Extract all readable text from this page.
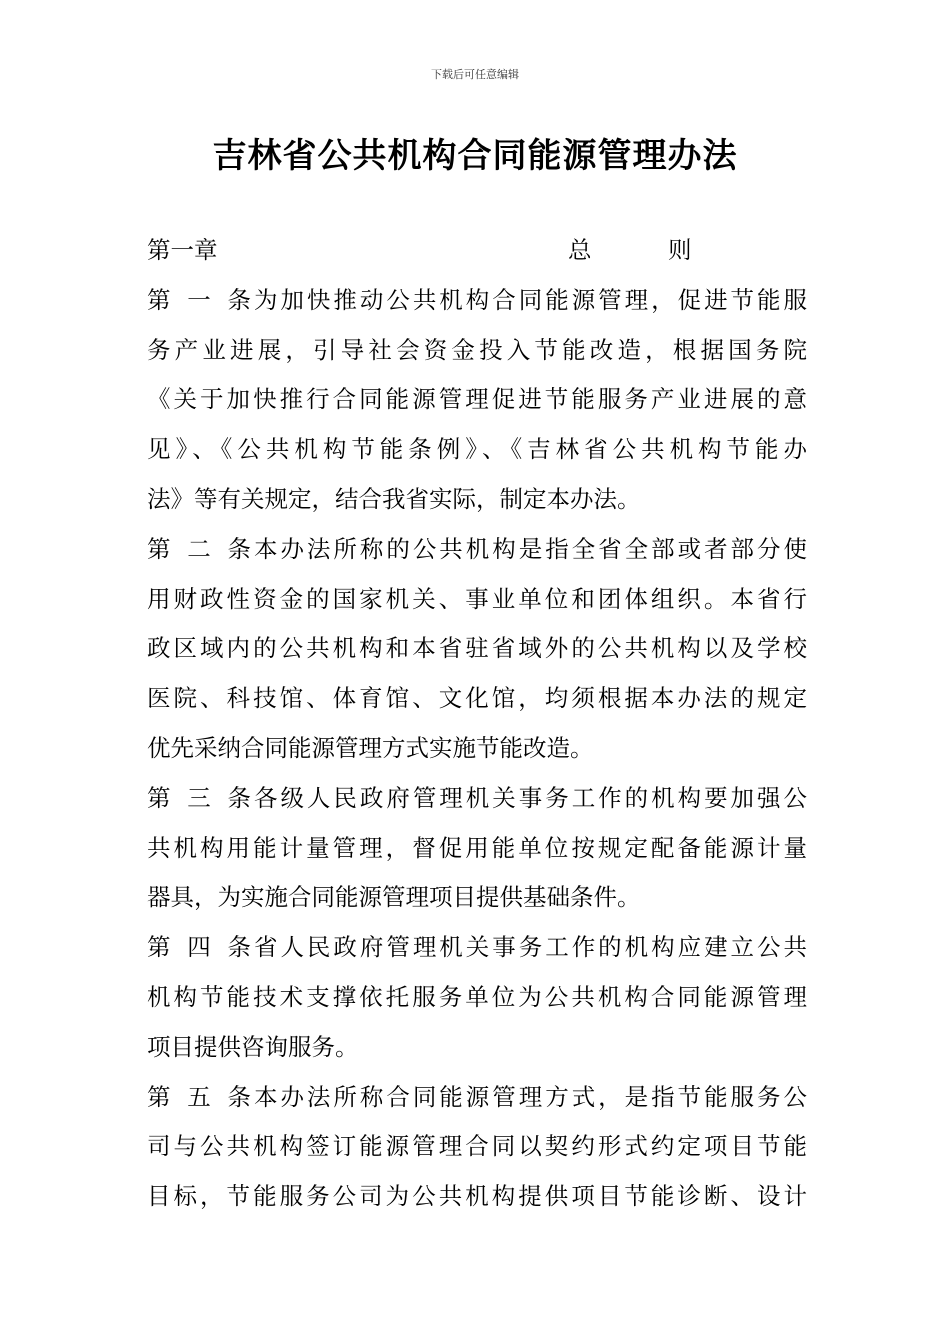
下载后可任意编辑
吉林省公共机构合同能源管理办法
第一章	总	则
第一条为加快推动公共机构合同能源管理，促进节能服
务产业进展，引导社会资金投入节能改造，根据国务院
《关于加快推行合同能源管理促进节能服务产业进展的意
见》、《公共机构节能条例》、《吉林省公共机构节能办
法》等有关规定，结合我省实际，制定本办法。
第二条本办法所称的公共机构是指全省全部或者部分使
用财政性资金的国家机关、事业单位和团体组织。本省行
政区域内的公共机构和本省驻省域外的公共机构以及学校
医院、科技馆、体育馆、文化馆，均须根据本办法的规定
优先采纳合同能源管理方式实施节能改造。
第三条各级人民政府管理机关事务工作的机构要加强公
共机构用能计量管理，督促用能单位按规定配备能源计量
器具，为实施合同能源管理项目提供基础条件。
第四条省人民政府管理机关事务工作的机构应建立公共
机构节能技术支撑依托服务单位为公共机构合同能源管理
项目提供咨询服务。
第五条本办法所称合同能源管理方式，是指节能服务公
司与公共机构签订能源管理合同以契约形式约定项目节能
目标，节能服务公司为公共机构提供项目节能诊断、设计
